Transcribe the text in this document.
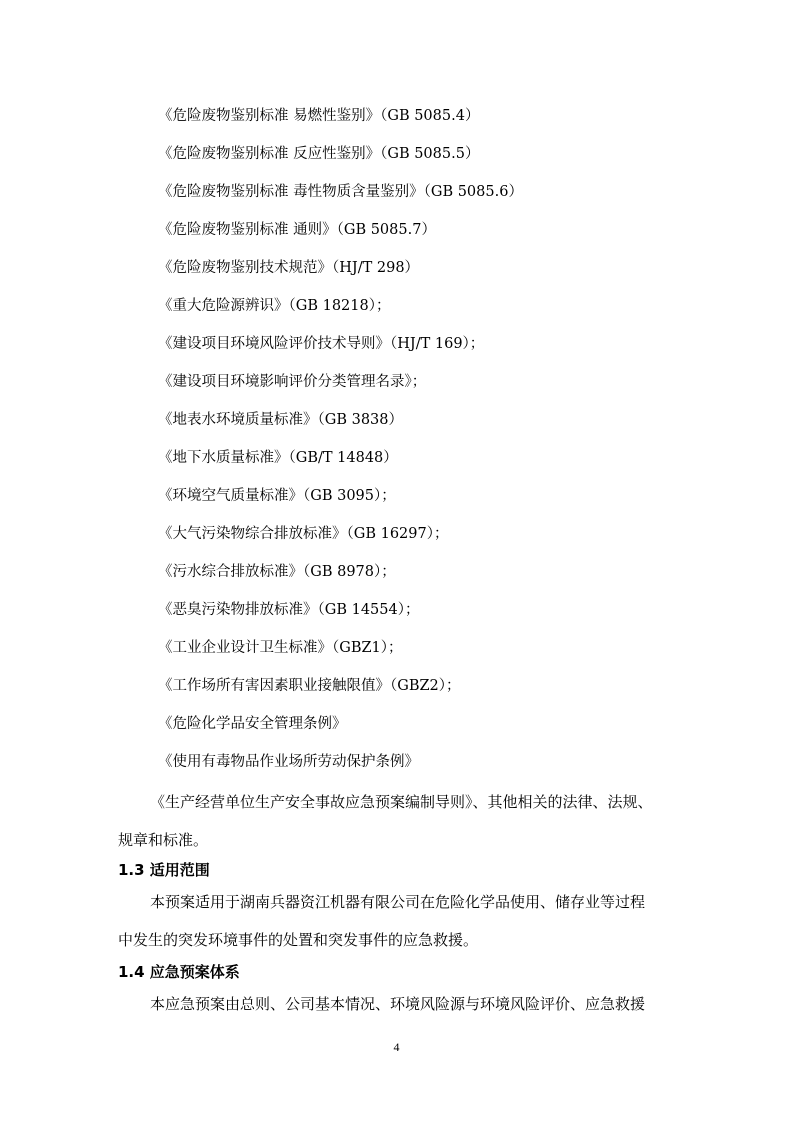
《危险废物鉴别标准 易燃性鉴别》（GB 5085.4）
《危险废物鉴别标准 反应性鉴别》（GB 5085.5）
《危险废物鉴别标准 毒性物质含量鉴别》（GB 5085.6）
《危险废物鉴别标准 通则》（GB 5085.7）
《危险废物鉴别技术规范》（HJ/T 298）
《重大危险源辨识》（GB 18218）；
《建设项目环境风险评价技术导则》（HJ/T 169）；
《建设项目环境影响评价分类管理名录》；
《地表水环境质量标准》（GB 3838）
《地下水质量标准》（GB/T 14848）
《环境空气质量标准》（GB 3095）；
《大气污染物综合排放标准》（GB 16297）；
《污水综合排放标准》（GB 8978）；
《恶臭污染物排放标准》（GB 14554）；
《工业企业设计卫生标准》（GBZ1）；
《工作场所有害因素职业接触限值》（GBZ2）；
《危险化学品安全管理条例》
《使用有毒物品作业场所劳动保护条例》
《生产经营单位生产安全事故应急预案编制导则》、其他相关的法律、法规、
规章和标准。
1.3 适用范围
本预案适用于湖南兵器资江机器有限公司在危险化学品使用、储存业等过程
中发生的突发环境事件的处置和突发事件的应急救援。
1.4 应急预案体系
本应急预案由总则、公司基本情况、环境风险源与环境风险评价、应急救援
4
